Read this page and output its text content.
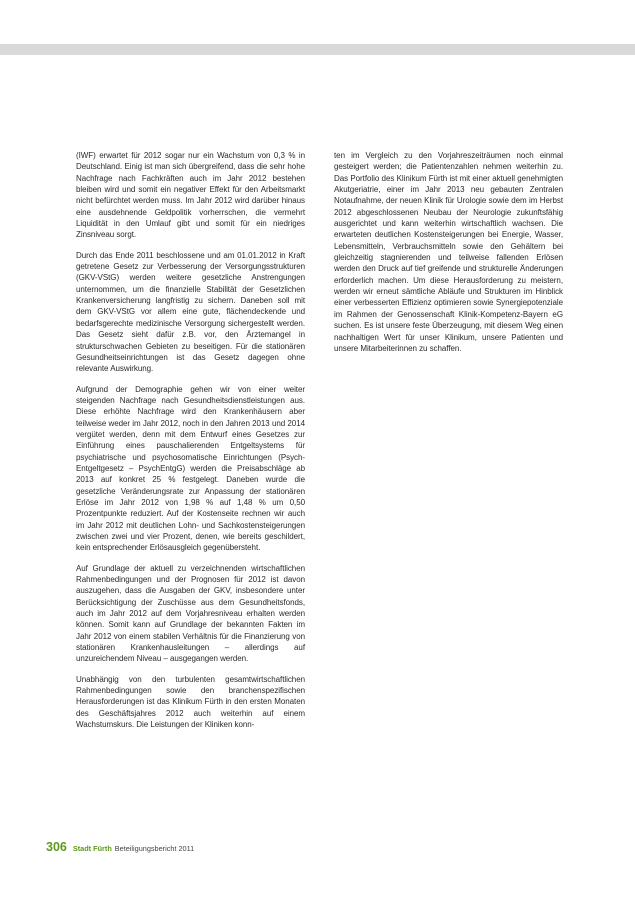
(IWF) erwartet für 2012 sogar nur ein Wachstum von 0,3 % in Deutschland. Einig ist man sich übergreifend, dass die sehr hohe Nachfrage nach Fachkräften auch im Jahr 2012 bestehen bleiben wird und somit ein negativer Effekt für den Arbeitsmarkt nicht befürchtet werden muss. Im Jahr 2012 wird darüber hinaus eine ausdehnende Geldpolitik vorherrschen, die vermehrt Liquidität in den Umlauf gibt und somit für ein niedriges Zinsniveau sorgt.

Durch das Ende 2011 beschlossene und am 01.01.2012 in Kraft getretene Gesetz zur Verbesserung der Versorgungsstrukturen (GKV-VStG) werden weitere gesetzliche Anstrengungen unternommen, um die finanzielle Stabilität der Gesetzlichen Krankenversicherung langfristig zu sichern. Daneben soll mit dem GKV-VStG vor allem eine gute, flächendeckende und bedarfsgerechte medizinische Versorgung sichergestellt werden. Das Gesetz sieht dafür z.B. vor, den Ärztemangel in strukturschwachen Gebieten zu beseitigen. Für die stationären Gesundheitseinrichtungen ist das Gesetz dagegen ohne relevante Auswirkung.

Aufgrund der Demographie gehen wir von einer weiter steigenden Nachfrage nach Gesundheitsdienstleistungen aus. Diese erhöhte Nachfrage wird den Krankenhäusern aber teilweise weder im Jahr 2012, noch in den Jahren 2013 und 2014 vergütet werden, denn mit dem Entwurf eines Gesetzes zur Einführung eines pauschalierenden Entgeltsystems für psychiatrische und psychosomatische Einrichtungen (Psych-Entgeltgesetz – PsychEntgG) werden die Preisabschläge ab 2013 auf konkret 25 % festgelegt. Daneben wurde die gesetzliche Veränderungsrate zur Anpassung der stationären Erlöse im Jahr 2012 von 1,98 % auf 1,48 % um 0,50 Prozentpunkte reduziert. Auf der Kostenseite rechnen wir auch im Jahr 2012 mit deutlichen Lohn- und Sachkostensteigerungen zwischen zwei und vier Prozent, denen, wie bereits geschildert, kein entsprechender Erlösausgleich gegenübersteht.

Auf Grundlage der aktuell zu verzeichnenden wirtschaftlichen Rahmenbedingungen und der Prognosen für 2012 ist davon auszugehen, dass die Ausgaben der GKV, insbesondere unter Berücksichtigung der Zuschüsse aus dem Gesundheitsfonds, auch im Jahr 2012 auf dem Vorjahresniveau erhalten werden können. Somit kann auf Grundlage der bekannten Fakten im Jahr 2012 von einem stabilen Verhältnis für die Finanzierung von stationären Krankenhausleitungen – allerdings auf unzureichendem Niveau – ausgegangen werden.

Unabhängig von den turbulenten gesamtwirtschaftlichen Rahmenbedingungen sowie den branchenspezifischen Herausforderungen ist das Klinikum Fürth in den ersten Monaten des Geschäftsjahres 2012 auch weiterhin auf einem Wachstumskurs. Die Leistungen der Kliniken konn-

ten im Vergleich zu den Vorjahreszeiträumen noch einmal gesteigert werden; die Patientenzahlen nehmen weiterhin zu. Das Portfolio des Klinikum Fürth ist mit einer aktuell genehmigten Akutgeriatrie, einer im Jahr 2013 neu gebauten Zentralen Notaufnahme, der neuen Klinik für Urologie sowie dem im Herbst 2012 abgeschlossenen Neubau der Neurologie zukunftsfähig ausgerichtet und kann weiterhin wirtschaftlich wachsen. Die erwarteten deutlichen Kostensteigerungen bei Energie, Wasser, Lebensmitteln, Verbrauchsmitteln sowie den Gehältern bei gleichzeitig stagnierenden und teilweise fallenden Erlösen werden den Druck auf tief greifende und strukturelle Änderungen erforderlich machen. Um diese Herausforderung zu meistern, werden wir erneut sämtliche Abläufe und Strukturen im Hinblick einer verbesserten Effizienz optimieren sowie Synergiepotenziale im Rahmen der Genossenschaft Klinik-Kompetenz-Bayern eG suchen. Es ist unsere feste Überzeugung, mit diesem Weg einen nachhaltigen Wert für unser Klinikum, unsere Patienten und unsere Mitarbeiterinnen zu schaffen.

306 Stadt Fürth Beteiligungsbericht 2011
